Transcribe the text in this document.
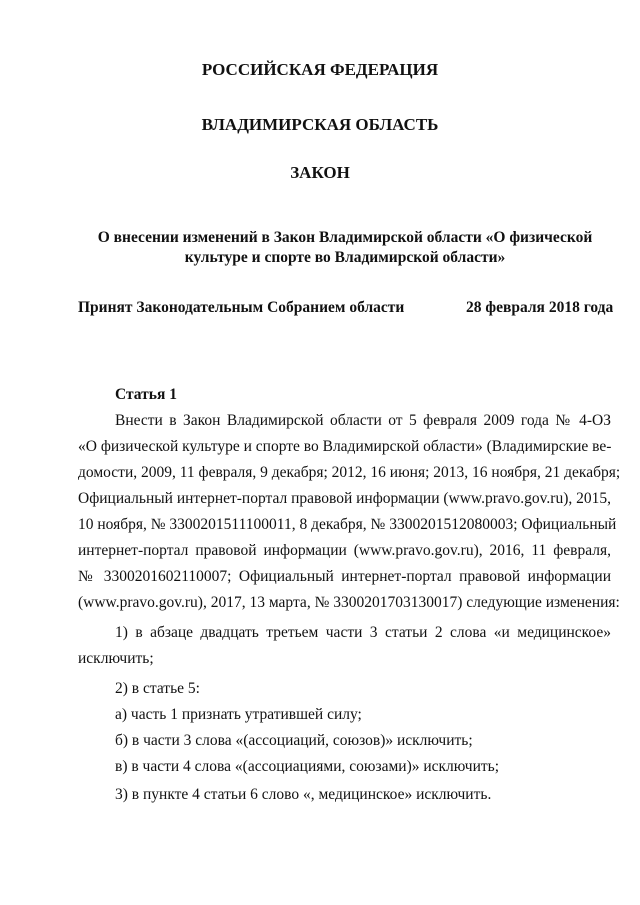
РОССИЙСКАЯ ФЕДЕРАЦИЯ
ВЛАДИМИРСКАЯ ОБЛАСТЬ
ЗАКОН
О внесении изменений в Закон Владимирской области «О физической
культуре и спорте во Владимирской области»
Принят Законодательным Собранием области	28 февраля 2018 года
Статья 1
Внести в Закон Владимирской области от 5 февраля 2009 года № 4-ОЗ
«О физической культуре и спорте во Владимирской области» (Владимирские ве-
домости, 2009, 11 февраля, 9 декабря; 2012, 16 июня; 2013, 16 ноября, 21 декабря;
Официальный интернет-портал правовой информации (www.pravo.gov.ru), 2015,
10 ноября, № 3300201511100011, 8 декабря, № 3300201512080003; Официальный
интернет-портал правовой информации (www.pravo.gov.ru), 2016, 11 февраля,
№ 3300201602110007; Официальный интернет-портал правовой информации
(www.pravo.gov.ru), 2017, 13 марта, № 3300201703130017) следующие изменения:
1) в абзаце двадцать третьем части 3 статьи 2 слова «и медицинское»
исключить;
2) в статье 5:
а) часть 1 признать утратившей силу;
б) в части 3 слова «(ассоциаций, союзов)» исключить;
в) в части 4 слова «(ассоциациями, союзами)» исключить;
3) в пункте 4 статьи 6 слово «, медицинское» исключить.
